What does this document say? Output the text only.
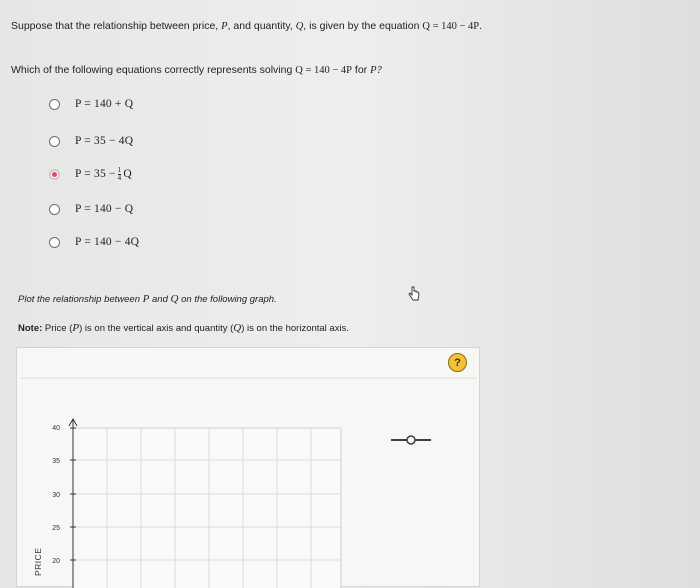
Suppose that the relationship between price, P, and quantity, Q, is given by the equation Q = 140 − 4P.
Which of the following equations correctly represents solving Q = 140 − 4P for P?
P = 140 + Q
P = 35 − 4Q
$P = 35 - \frac{1}{4}$ Q
P = 140 − Q
P = 140 − 4Q
Plot the relationship between P and Q on the following graph.
Note: Price (P) is on the vertical axis and quantity (Q) is on the horizontal axis.
40
35
30
25
20
PRICE
?
